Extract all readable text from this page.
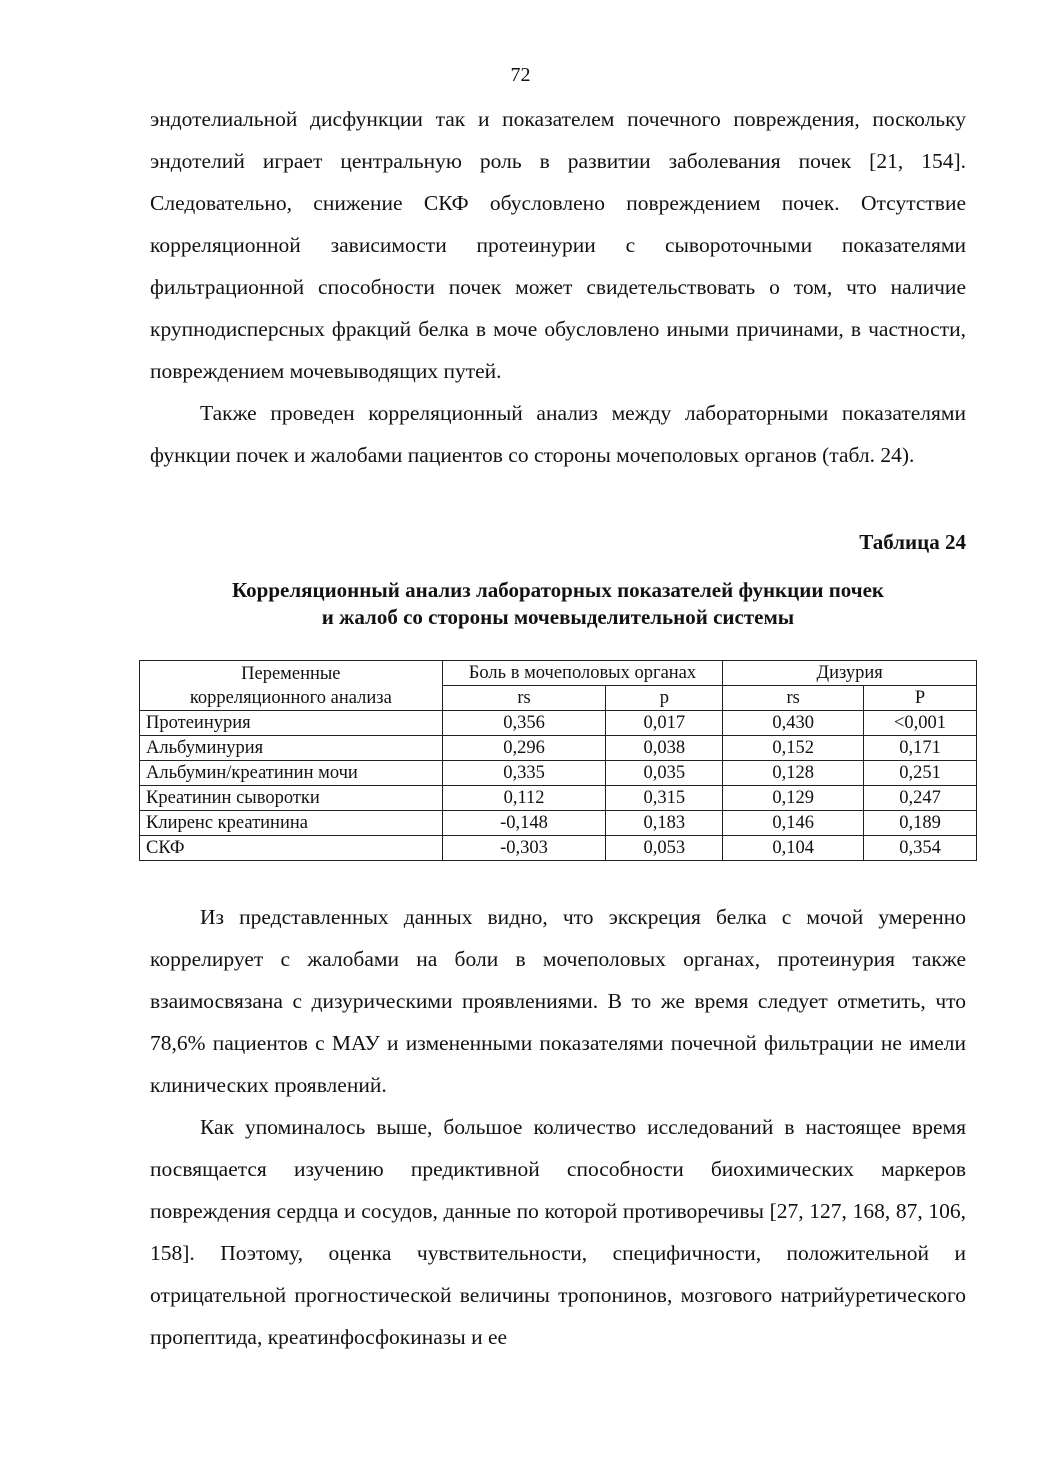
72

эндотелиальной дисфункции так и показателем почечного повреждения, поскольку эндотелий играет центральную роль в развитии заболевания почек [21, 154]. Следовательно, снижение СКФ обусловлено повреждением почек. Отсутствие корреляционной зависимости протеинурии с сывороточными показателями фильтрационной способности почек может свидетельствовать о том, что наличие крупнодисперсных фракций белка в моче обусловлено иными причинами, в частности, повреждением мочевыводящих путей.

Также проведен корреляционный анализ между лабораторными показателями функции почек и жалобами пациентов со стороны мочеполовых органов (табл. 24).

Таблица 24
Корреляционный анализ лабораторных показателей функции почек
и жалоб со стороны мочевыделительной системы
Переменные
корреляционного анализа	Боль в мочеполовых органах		Дизурия	
	rs	p	rs	P
Протеинурия	0,356	0,017	0,430	<0,001
Альбуминурия	0,296	0,038	0,152	0,171
Альбумин/креатинин мочи	0,335	0,035	0,128	0,251
Креатинин сыворотки	0,112	0,315	0,129	0,247
Клиренс креатинина	-0,148	0,183	0,146	0,189
СКФ	-0,303	0,053	0,104	0,354

Из представленных данных видно, что экскреция белка с мочой умеренно коррелирует с жалобами на боли в мочеполовых органах, протеинурия также взаимосвязана с дизурическими проявлениями. В то же время следует отметить, что 78,6% пациентов с МАУ и измененными показателями почечной фильтрации не имели клинических проявлений.

Как упоминалось выше, большое количество исследований в настоящее время посвящается изучению предиктивной способности биохимических маркеров повреждения сердца и сосудов, данные по которой противоречивы [27, 127, 168, 87, 106, 158]. Поэтому, оценка чувствительности, специфичности, положительной и отрицательной прогностической величины тропонинов, мозгового натрийуретического пропептида, креатинфосфокиназы и ее
